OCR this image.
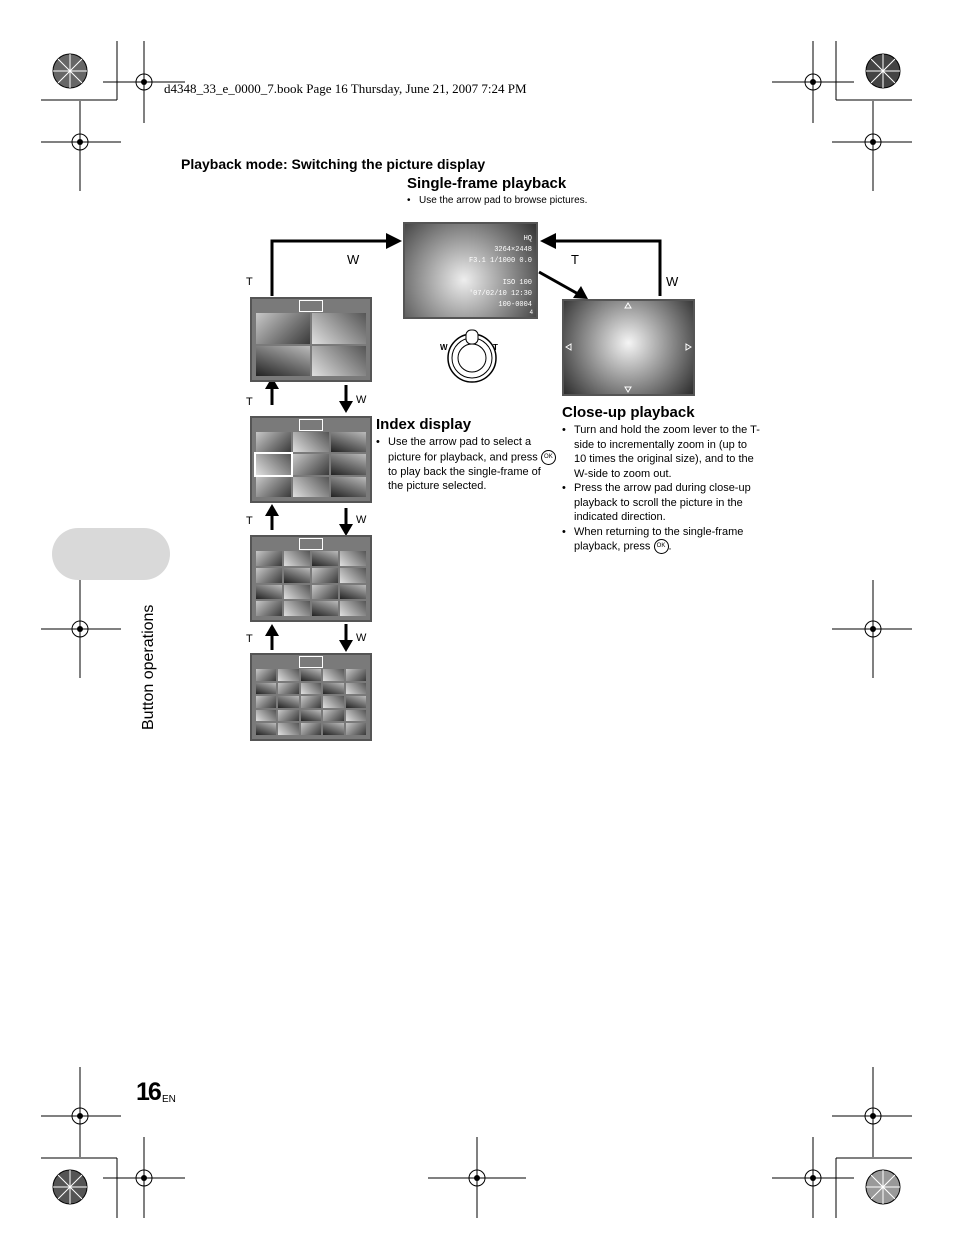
d4348_33_e_0000_7.book Page 16 Thursday, June 21, 2007 7:24 PM
Playback mode: Switching the picture display
Single-frame playback
• Use the arrow pad to browse pictures.
HQ
3264×2448
F3.1 1/1000 0.0

ISO 100
'07/02/10 12:30
100-0004
4
W	T
W	T
W
T
T	W
T	W
T	W
Index display
• Use the arrow pad to select a picture for playback, and press OK to play back the single-frame of the picture selected.
Close-up playback
• Turn and hold the zoom lever to the T-side to incrementally zoom in (up to 10 times the original size), and to the W-side to zoom out.
• Press the arrow pad during close-up playback to scroll the picture in the indicated direction.
• When returning to the single-frame playback, press OK .
Button operations
16 EN
